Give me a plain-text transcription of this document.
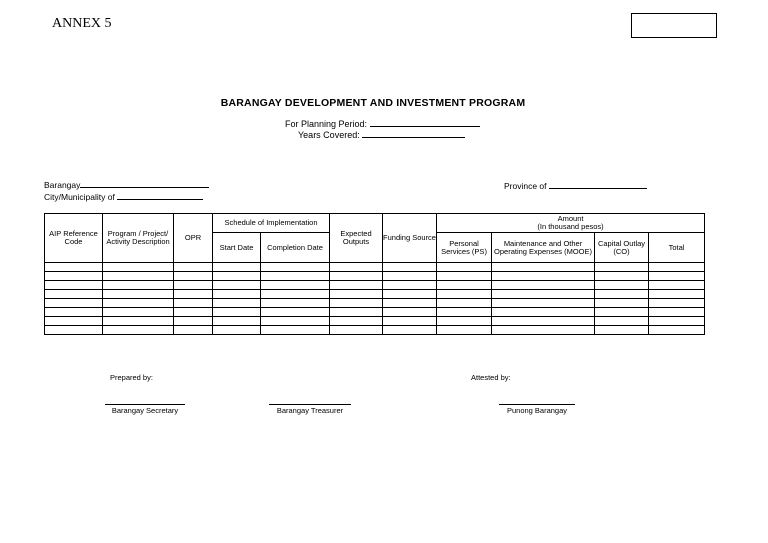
ANNEX 5
BARANGAY DEVELOPMENT AND INVESTMENT PROGRAM
For Planning Period:
Years Covered:
Barangay
City/Municipality of
Province of
AIP Reference Code	Program / Project/ Activity Description	OPR	Schedule of Implementation		Expected Outputs	Funding Source	Amount
(In thousand pesos)			

			Start Date	Completion Date			Personal Services (PS)	Maintenance and Other Operating Expenses (MOOE)	Capital Outlay (CO)	Total

Prepared by:	Attested by:
Barangay Secretary	Barangay Treasurer	Punong Barangay
